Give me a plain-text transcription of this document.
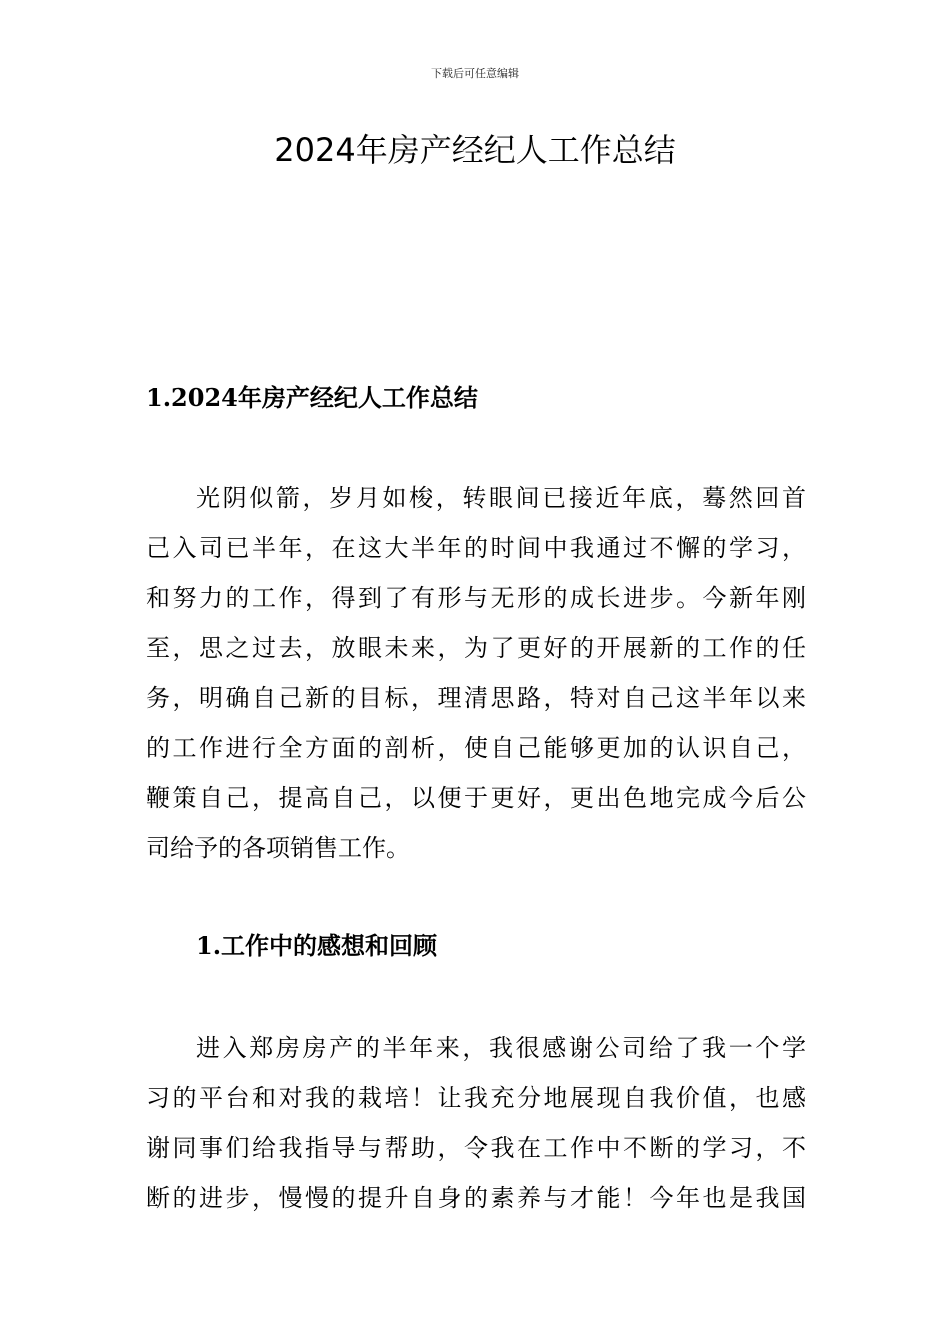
下载后可任意编辑
2024年房产经纪人工作总结
1.2024年房产经纪人工作总结
光阴似箭，岁月如梭，转眼间已接近年底，蓦然回首
己入司已半年，在这大半年的时间中我通过不懈的学习，
和努力的工作，得到了有形与无形的成长进步。今新年刚
至，思之过去，放眼未来，为了更好的开展新的工作的任
务，明确自己新的目标，理清思路，特对自己这半年以来
的工作进行全方面的剖析，使自己能够更加的认识自己，
鞭策自己，提高自己，以便于更好，更出色地完成今后公
司给予的各项销售工作。
1.工作中的感想和回顾
进入郑房房产的半年来，我很感谢公司给了我一个学
习的平台和对我的栽培！让我充分地展现自我价值，也感
谢同事们给我指导与帮助，令我在工作中不断的学习，不
断的进步，慢慢的提升自身的素养与才能！今年也是我国
